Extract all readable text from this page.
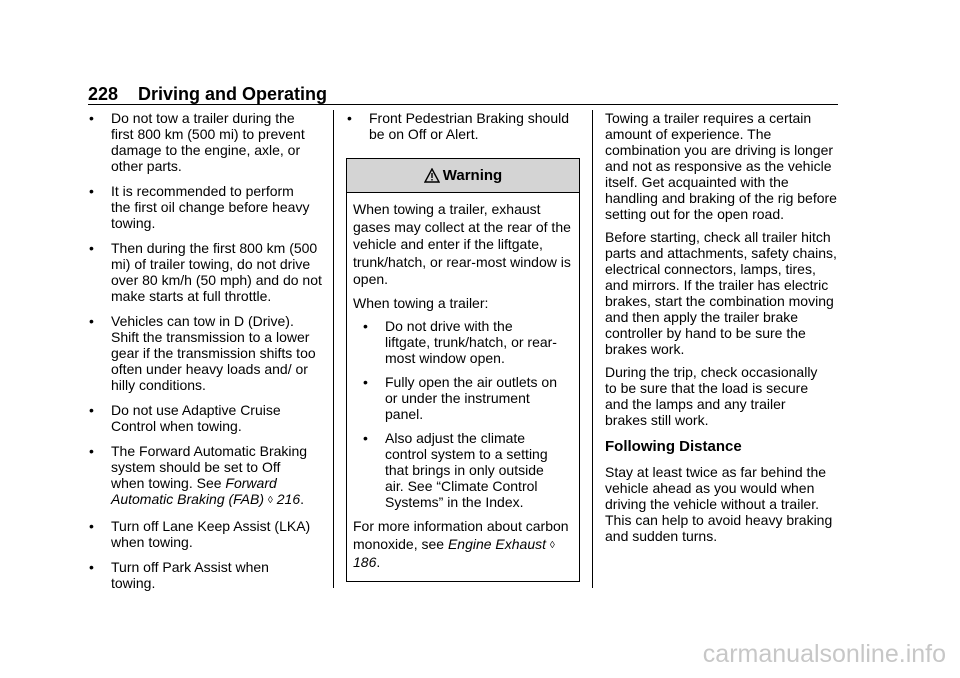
228 Driving and Operating
• Do not tow a trailer during the first 800 km (500 mi) to prevent damage to the engine, axle, or other parts.
• It is recommended to perform the first oil change before heavy towing.
• Then during the first 800 km (500 mi) of trailer towing, do not drive over 80 km/h (50 mph) and do not make starts at full throttle.
• Vehicles can tow in D (Drive). Shift the transmission to a lower gear if the transmission shifts too often under heavy loads and/ or hilly conditions.
• Do not use Adaptive Cruise Control when towing.
• The Forward Automatic Braking system should be set to Off when towing. See Forward Automatic Braking (FAB) ◊ 216.
• Turn off Lane Keep Assist (LKA) when towing.
• Turn off Park Assist when towing.
• Front Pedestrian Braking should be on Off or Alert.
Warning

When towing a trailer, exhaust gases may collect at the rear of the vehicle and enter if the liftgate, trunk/hatch, or rear-most window is open.

When towing a trailer:

• Do not drive with the liftgate, trunk/hatch, or rear-most window open.
• Fully open the air outlets on or under the instrument panel.
• Also adjust the climate control system to a setting that brings in only outside air. See “Climate Control Systems” in the Index.

For more information about carbon monoxide, see Engine Exhaust ◊ 186.

Towing a trailer requires a certain amount of experience. The combination you are driving is longer and not as responsive as the vehicle itself. Get acquainted with the handling and braking of the rig before setting out for the open road.

Before starting, check all trailer hitch parts and attachments, safety chains, electrical connectors, lamps, tires, and mirrors. If the trailer has electric brakes, start the combination moving and then apply the trailer brake controller by hand to be sure the brakes work.

During the trip, check occasionally to be sure that the load is secure and the lamps and any trailer brakes still work.

Following Distance

Stay at least twice as far behind the vehicle ahead as you would when driving the vehicle without a trailer. This can help to avoid heavy braking and sudden turns.

carmanualsonline.info
